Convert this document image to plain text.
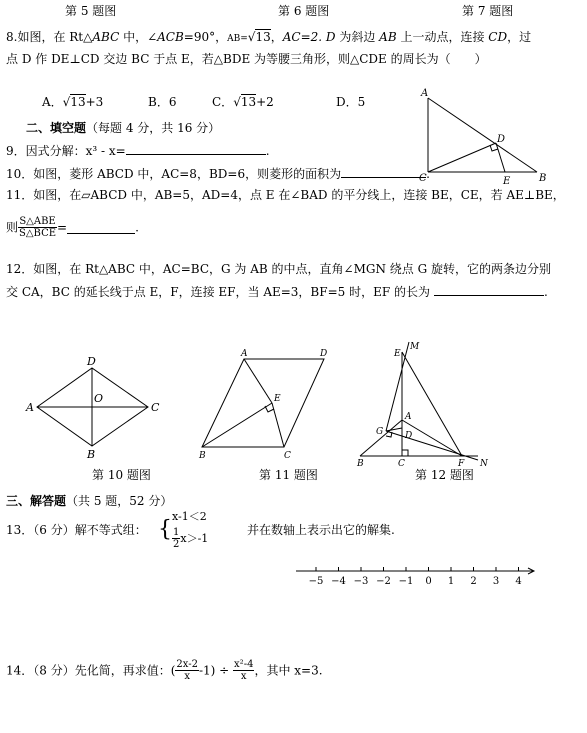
第 5 题图	第 6 题图	第 7 题图
8.如图，在 Rt△ABC 中，∠ACB=90°，AB=√13，AC=2. D 为斜边 AB 上一动点，连接 CD，过
点 D 作 DE⊥CD 交边 BC 于点 E，若△BDE 为等腰三角形，则△CDE 的周长为（　　）
A．√13+3	B．6	C．√13+2	D．5
二、填空题（每题 4 分，共 16 分）
9．因式分解：x³ - x=	.
10．如图，菱形 ABCD 中，AC=8，BD=6，则菱形的面积为	.
11．如图，在▱ABCD 中，AB=5，AD=4，点 E 在∠BAD 的平分线上，连接 BE，CE，若 AE⊥BE，
则 $\frac{\text{S△ABE}}{\text{S△BCE}}$ =	.
12．如图，在 Rt△ABC 中，AC=BC，G 为 AB 的中点，直角∠MGN 绕点 G 旋转，它的两条边分别
交 CA，BC 的延长线于点 E，F，连接 EF，当 AE=3，BF=5 时，EF 的长为	.
A
C	B
D
E
D
A	C
B
O
A	D
E
B	C
M
E
A
G D
B	C	F N
−5 −4 −3 −2 −1 0 1 2 3 4
第 10 题图	第 11 题图	第 12 题图
三、解答题（共 5 题，52 分）
13．（6 分）解不等式组： {
x-1＜2
$\frac{1}{2} x>-1$
并在数轴上表示出它的解集.
14．（8 分）先化简，再求值：( $\frac{2x-2}{x} -1) \div \frac{\text{x²-4}}{x}$ ，其中 x=3.
